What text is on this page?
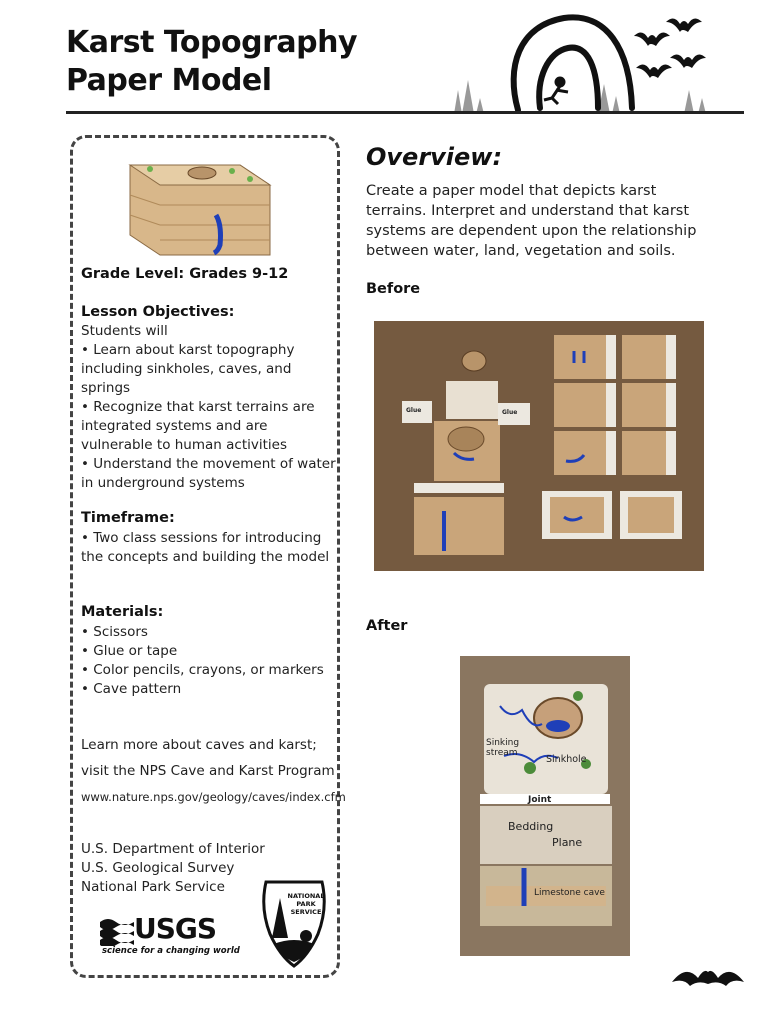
Karst Topography
Paper Model
Grade Level: Grades 9-12
Lesson Objectives:
Students will
• Learn about karst topography including sinkholes, caves, and springs
• Recognize that karst terrains are integrated systems and are vulnerable to human activities
• Understand the movement of water in underground systems
Timeframe:
• Two class sessions for introducing the concepts and building the model
Materials:
• Scissors
• Glue or tape
• Color pencils, crayons, or markers
• Cave pattern
Learn more about caves and karst;
visit the NPS Cave and Karst Program
www.nature.nps.gov/geology/caves/index.cfm
U.S. Department of Interior
U.S. Geological Survey
National Park Service
USGS
science for a changing world
NATIONAL
PARK
SERVICE
Overview:
Create a paper model that depicts karst terrains. Interpret and understand that karst systems are dependent upon the relationship between water, land, vegetation and soils.
Before
Glue	Glue
After
Sinking stream
Sinkhole
Joint
Bedding
Plane
Limestone cave
